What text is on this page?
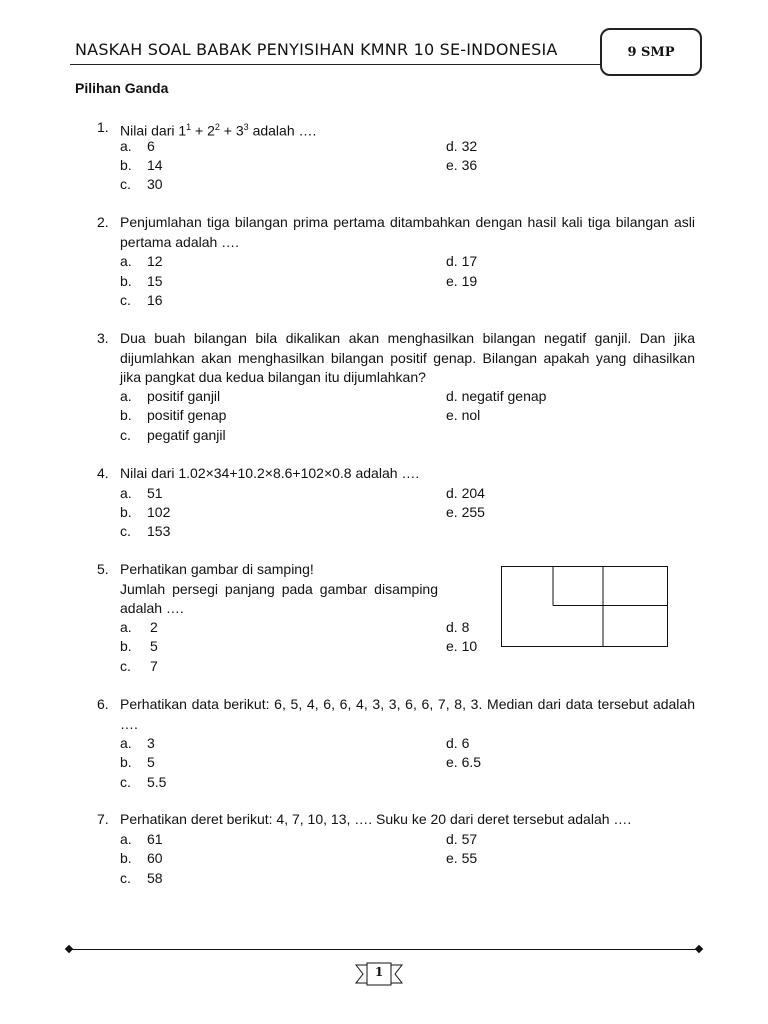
NASKAH SOAL BABAK PENYISIHAN KMNR 10 SE-INDONESIA	9 SMP
Pilihan Ganda
1. Nilai dari $1^1 + 2^2 + 3^3$ adalah ….
a. 6
b. 14
c. 30
d. 32
e. 36
2. Penjumlahan tiga bilangan prima pertama ditambahkan dengan hasil kali tiga bilangan asli pertama adalah ….
a. 12
b. 15
c. 16
d. 17
e. 19
3. Dua buah bilangan bila dikalikan akan menghasilkan bilangan negatif ganjil. Dan jika dijumlahkan akan menghasilkan bilangan positif genap. Bilangan apakah yang dihasilkan jika pangkat dua kedua bilangan itu dijumlahkan?
a. positif ganjil
b. positif genap
c. pegatif ganjil
d. negatif genap
e. nol
4. Nilai dari 1.02×34+10.2×8.6+102×0.8 adalah ….
a. 51
b. 102
c. 153
d. 204
e. 255
5. Perhatikan gambar di samping!
Jumlah persegi panjang pada gambar disamping adalah ….
a. 2
b. 5
c. 7
d. 8
e. 10
6. Perhatikan data berikut: 6, 5, 4, 6, 6, 4, 3, 3, 6, 6, 7, 8, 3. Median dari data tersebut adalah ….
a. 3
b. 5
c. 5.5
d. 6
e. 6.5
7. Perhatikan deret berikut: 4, 7, 10, 13, …. Suku ke 20 dari deret tersebut adalah ….
a. 61
b. 60
c. 58
d. 57
e. 55
1
